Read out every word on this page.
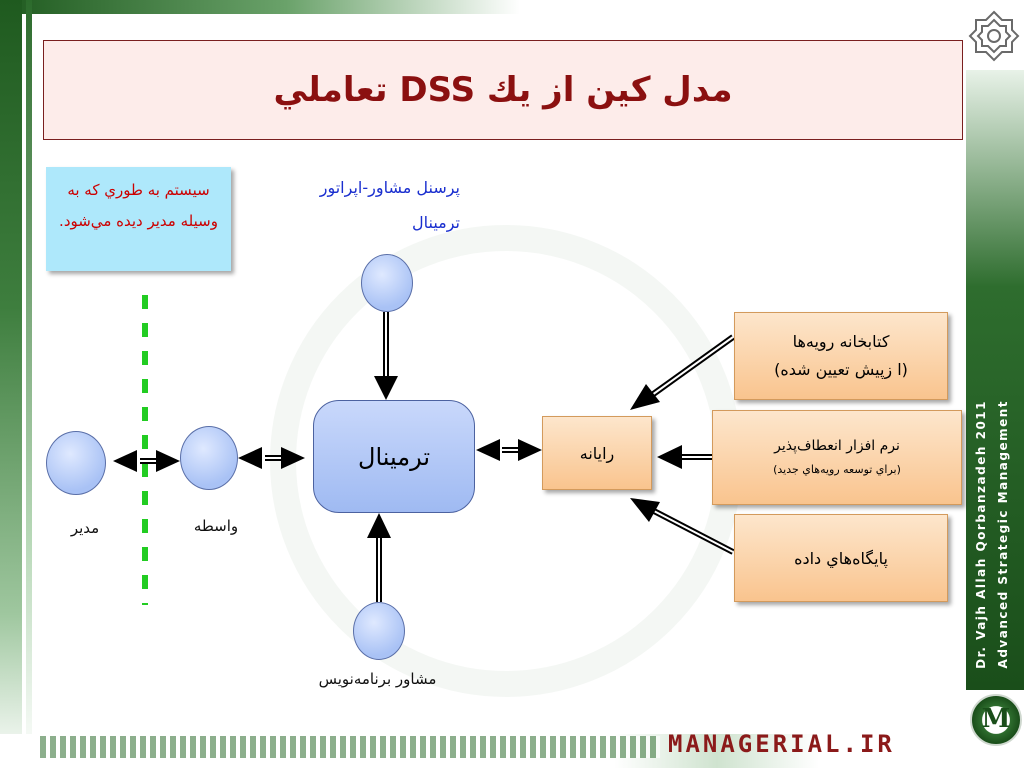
Dr. Vajh Allah Qorbanzadeh 2011 Advanced Strategic Management
MANAGERIAL.IR
M
مدل کين از يك DSS تعاملي
سيستم به طوري که به وسيله مدير ديده مي‌شود.
پرسنل مشاور-اپراتور
ترمينال
مدير	واسطه
مشاور برنامه‌نويس
ترمينال	رايانه
کتابخانه رويه‌ها
(ا زپيش تعيين شده)
نرم افزار انعطاف‌پذير
(براي توسعه رويه‌هاي جديد)
پايگاه‌هاي داده
